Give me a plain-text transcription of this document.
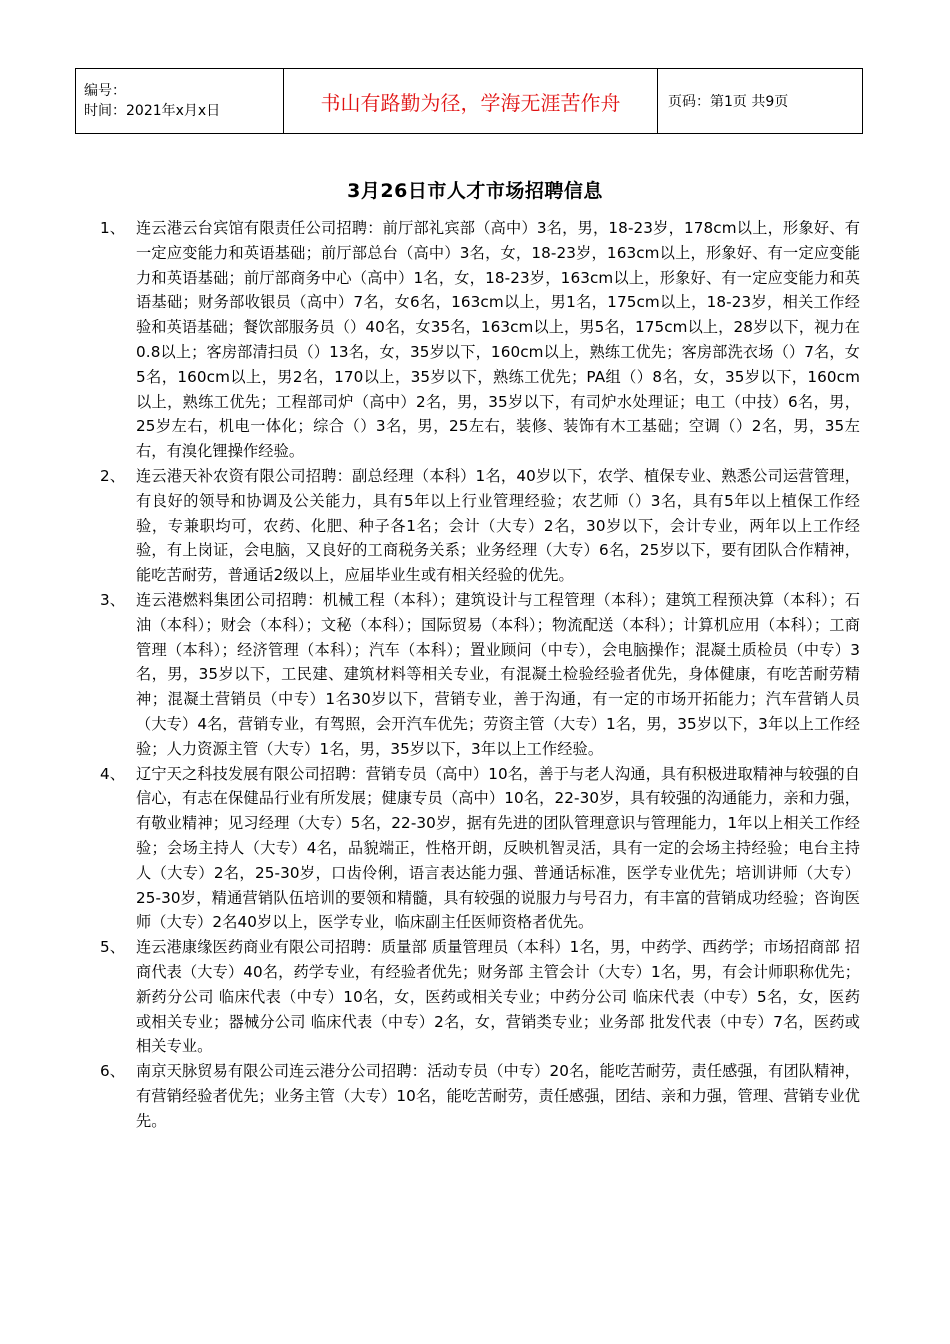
编号：
时间：2021年x月x日	书山有路勤为径，学海无涯苦作舟	页码：第1页 共9页
3月26日市人才市场招聘信息
1、 连云港云台宾馆有限责任公司招聘：前厅部礼宾部（高中）3名，男，18-23岁，178cm以上，形象好、有一定应变能力和英语基础；前厅部总台（高中）3名，女，18-23岁，163cm以上，形象好、有一定应变能力和英语基础；前厅部商务中心（高中）1名，女，18-23岁，163cm以上，形象好、有一定应变能力和英语基础；财务部收银员（高中）7名，女6名，163cm以上，男1名，175cm以上，18-23岁，相关工作经验和英语基础；餐饮部服务员（）40名，女35名，163cm以上，男5名，175cm以上，28岁以下，视力在0.8以上；客房部清扫员（）13名，女，35岁以下，160cm以上，熟练工优先；客房部洗衣场（）7名，女5名，160cm以上，男2名，170以上，35岁以下，熟练工优先；PA组（）8名，女，35岁以下，160cm以上，熟练工优先；工程部司炉（高中）2名，男，35岁以下，有司炉水处理证；电工（中技）6名，男，25岁左右，机电一体化；综合（）3名，男，25左右，装修、装饰有木工基础；空调（）2名，男，35左右，有溴化锂操作经验。
2、 连云港天补农资有限公司招聘：副总经理（本科）1名，40岁以下，农学、植保专业、熟悉公司运营管理，有良好的领导和协调及公关能力，具有5年以上行业管理经验；农艺师（）3名，具有5年以上植保工作经验，专兼职均可，农药、化肥、种子各1名；会计（大专）2名，30岁以下，会计专业，两年以上工作经验，有上岗证，会电脑，又良好的工商税务关系；业务经理（大专）6名，25岁以下，要有团队合作精神，能吃苦耐劳，普通话2级以上，应届毕业生或有相关经验的优先。
3、 连云港燃料集团公司招聘：机械工程（本科）；建筑设计与工程管理（本科）；建筑工程预决算（本科）；石油（本科）；财会（本科）；文秘（本科）；国际贸易（本科）；物流配送（本科）；计算机应用（本科）；工商管理（本科）；经济管理（本科）；汽车（本科）；置业顾问（中专），会电脑操作；混凝土质检员（中专）3名，男，35岁以下，工民建、建筑材料等相关专业，有混凝土检验经验者优先，身体健康，有吃苦耐劳精神；混凝土营销员（中专）1名30岁以下，营销专业，善于沟通，有一定的市场开拓能力；汽车营销人员（大专）4名，营销专业，有驾照，会开汽车优先；劳资主管（大专）1名，男，35岁以下，3年以上工作经验；人力资源主管（大专）1名，男，35岁以下，3年以上工作经验。
4、 辽宁天之科技发展有限公司招聘：营销专员（高中）10名，善于与老人沟通，具有积极进取精神与较强的自信心，有志在保健品行业有所发展；健康专员（高中）10名，22-30岁，具有较强的沟通能力，亲和力强，有敬业精神；见习经理（大专）5名，22-30岁，据有先进的团队管理意识与管理能力，1年以上相关工作经验；会场主持人（大专）4名，品貌端正，性格开朗，反映机智灵活，具有一定的会场主持经验；电台主持人（大专）2名，25-30岁，口齿伶俐，语言表达能力强、普通话标准，医学专业优先；培训讲师（大专）25-30岁，精通营销队伍培训的要领和精髓，具有较强的说服力与号召力，有丰富的营销成功经验；咨询医师（大专）2名40岁以上，医学专业，临床副主任医师资格者优先。
5、 连云港康缘医药商业有限公司招聘：质量部 质量管理员（本科）1名，男，中药学、西药学；市场招商部 招商代表（大专）40名，药学专业，有经验者优先；财务部 主管会计（大专）1名，男，有会计师职称优先；新药分公司 临床代表（中专）10名，女，医药或相关专业；中药分公司 临床代表（中专）5名，女，医药或相关专业；器械分公司 临床代表（中专）2名，女，营销类专业；业务部 批发代表（中专）7名，医药或相关专业。
6、 南京天脉贸易有限公司连云港分公司招聘：活动专员（中专）20名，能吃苦耐劳，责任感强，有团队精神，有营销经验者优先；业务主管（大专）10名，能吃苦耐劳，责任感强，团结、亲和力强，管理、营销专业优先。
